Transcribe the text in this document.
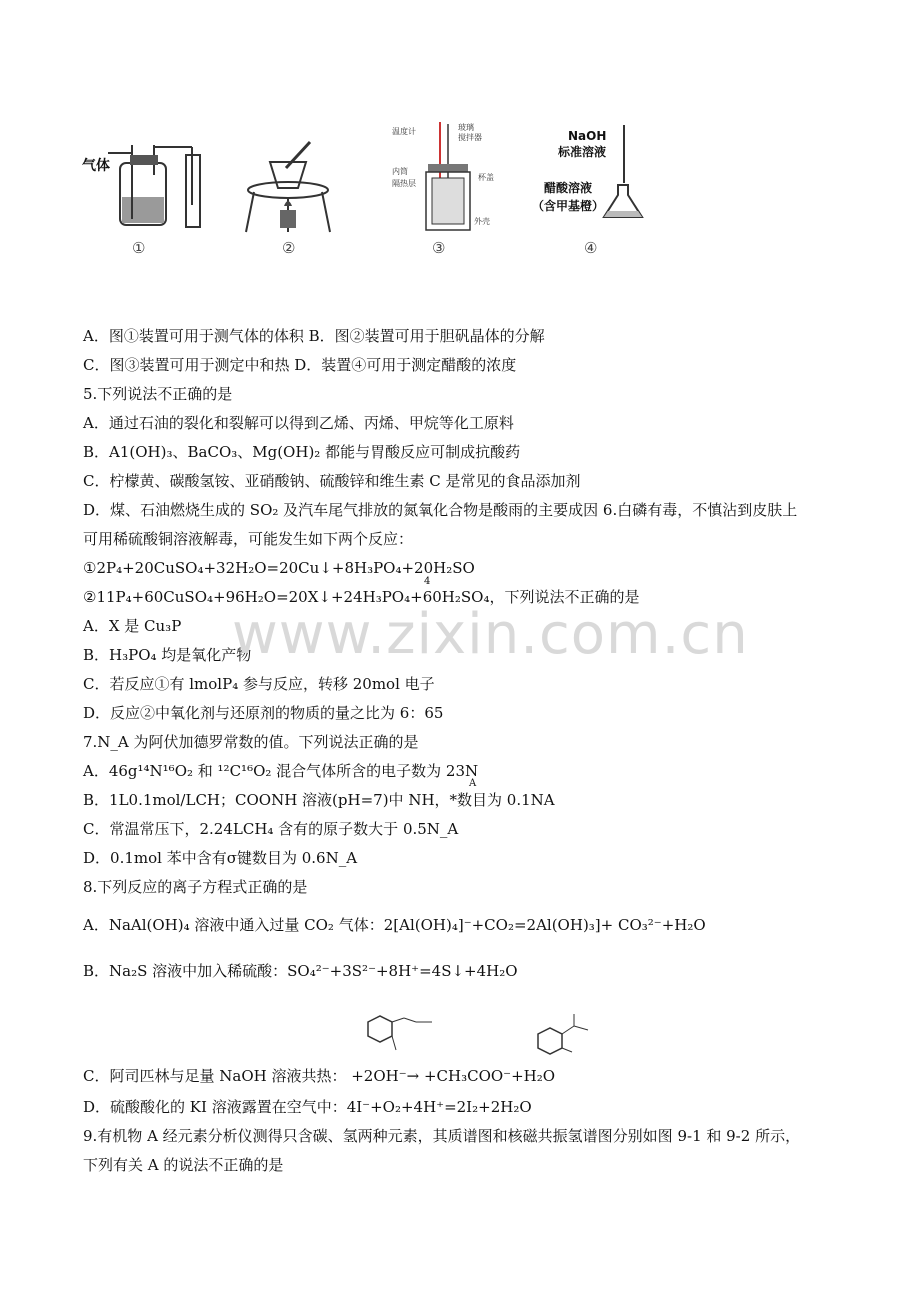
气体
①	②
温度计	玻璃
搅拌器
内筒
隔热层
杯盖
外壳
③
NaOH
标准溶液
醋酸溶液
（含甲基橙）
④
A．图①装置可用于测气体的体积 B．图②装置可用于胆矾晶体的分解
C．图③装置可用于测定中和热 D．装置④可用于测定醋酸的浓度
5.下列说法不正确的是
A．通过石油的裂化和裂解可以得到乙烯、丙烯、甲烷等化工原料
B．A1(OH)₃、BaCO₃、Mg(OH)₂ 都能与胃酸反应可制成抗酸药
C．柠檬黄、碳酸氢铵、亚硝酸钠、硫酸锌和维生素 C 是常见的食品添加剂
D．煤、石油燃烧生成的 SO₂ 及汽车尾气排放的氮氧化合物是酸雨的主要成因 6.白磷有毒，不慎沾到皮肤上
可用稀硫酸铜溶液解毒，可能发生如下两个反应：
①2P₄+20CuSO₄+32H₂O=20Cu↓+8H₃PO₄+20H₂SO
4
②11P₄+60CuSO₄+96H₂O=20X↓+24H₃PO₄+60H₂SO₄，下列说法不正确的是
A．X 是 Cu₃P
B．H₃PO₄ 均是氧化产物
C．若反应①有 lmolP₄ 参与反应，转移 20mol 电子
D．反应②中氧化剂与还原剂的物质的量之比为 6：65
7.N_A 为阿伏加德罗常数的值。下列说法正确的是
A．46g¹⁴N¹⁶O₂ 和 ¹²C¹⁶O₂ 混合气体所含的电子数为 23N
A
B．1L0.1mol/LCH；COONH 溶液(pH=7)中 NH，*数目为 0.1NA
C．常温常压下，2.24LCH₄ 含有的原子数大于 0.5N_A
D．0.1mol 苯中含有σ键数目为 0.6N_A
8.下列反应的离子方程式正确的是
A．NaAl(OH)₄ 溶液中通入过量 CO₂ 气体：2[Al(OH)₄]⁻+CO₂=2Al(OH)₃]+ CO₃²⁻+H₂O
B．Na₂S 溶液中加入稀硫酸：SO₄²⁻+3S²⁻+8H⁺=4S↓+4H₂O
C．阿司匹林与足量 NaOH 溶液共热： +2OH⁻→ +CH₃COO⁻+H₂O
D．硫酸酸化的 KI 溶液露置在空气中：4I⁻+O₂+4H⁺=2I₂+2H₂O
9.有机物 A 经元素分析仪测得只含碳、氢两种元素，其质谱图和核磁共振氢谱图分别如图 9-1 和 9-2 所示，
下列有关 A 的说法不正确的是
www.zixin.com.cn
